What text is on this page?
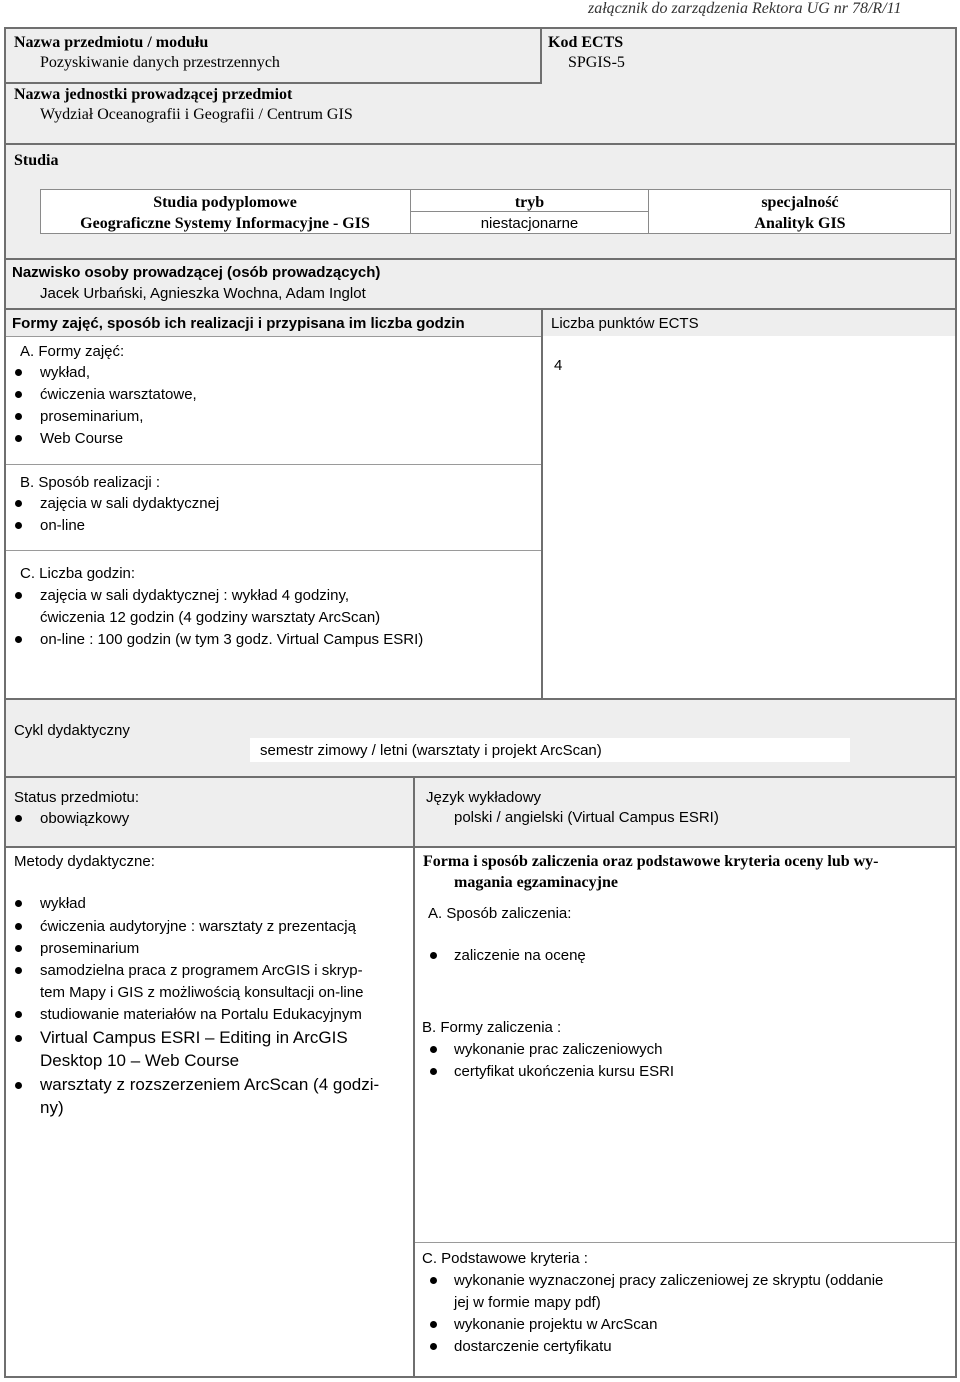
załącznik do zarządzenia Rektora UG nr 78/R/11
Nazwa przedmiotu / modułu
Pozyskiwanie danych przestrzennych
Kod ECTS
SPGIS-5
Nazwa jednostki prowadzącej przedmiot
Wydział Oceanografii i Geografii / Centrum GIS
Studia
Studia podyplomowe
Geograficzne Systemy Informacyjne - GIS
tryb
niestacjonarne
specjalność
Analityk GIS
Nazwisko osoby prowadzącej (osób prowadzących)
Jacek Urbański, Agnieszka Wochna, Adam Inglot
Formy zajęć, sposób ich realizacji i przypisana im liczba godzin	Liczba punktów ECTS
4
A. Formy zajęć:
wykład,
ćwiczenia warsztatowe,
proseminarium,
Web Course
B. Sposób realizacji :
zajęcia w sali dydaktycznej
on-line
C. Liczba godzin:
zajęcia w sali dydaktycznej : wykład 4 godziny,
ćwiczenia 12 godzin (4 godziny warsztaty ArcScan)
on-line : 100 godzin (w tym 3 godz. Virtual Campus ESRI)
Cykl dydaktyczny
semestr zimowy / letni (warsztaty i projekt ArcScan)
Status przedmiotu:
obowiązkowy
Język wykładowy
polski / angielski (Virtual Campus ESRI)
Metody dydaktyczne:
wykład
ćwiczenia audytoryjne : warsztaty z prezentacją
proseminarium
samodzielna praca z programem ArcGIS i skryp-
tem Mapy i GIS z możliwością konsultacji on-line
studiowanie materiałów na Portalu Edukacyjnym
Virtual Campus ESRI – Editing in ArcGIS
Desktop 10 – Web Course
warsztaty z rozszerzeniem ArcScan (4 godzi-
ny)
Forma i sposób zaliczenia oraz podstawowe kryteria oceny lub wy-
magania egzaminacyjne
A. Sposób zaliczenia:
zaliczenie na ocenę
B. Formy zaliczenia :
wykonanie prac zaliczeniowych
certyfikat ukończenia kursu ESRI
C. Podstawowe kryteria :
wykonanie wyznaczonej pracy zaliczeniowej ze skryptu (oddanie
jej w formie mapy pdf)
wykonanie projektu w ArcScan
dostarczenie certyfikatu
